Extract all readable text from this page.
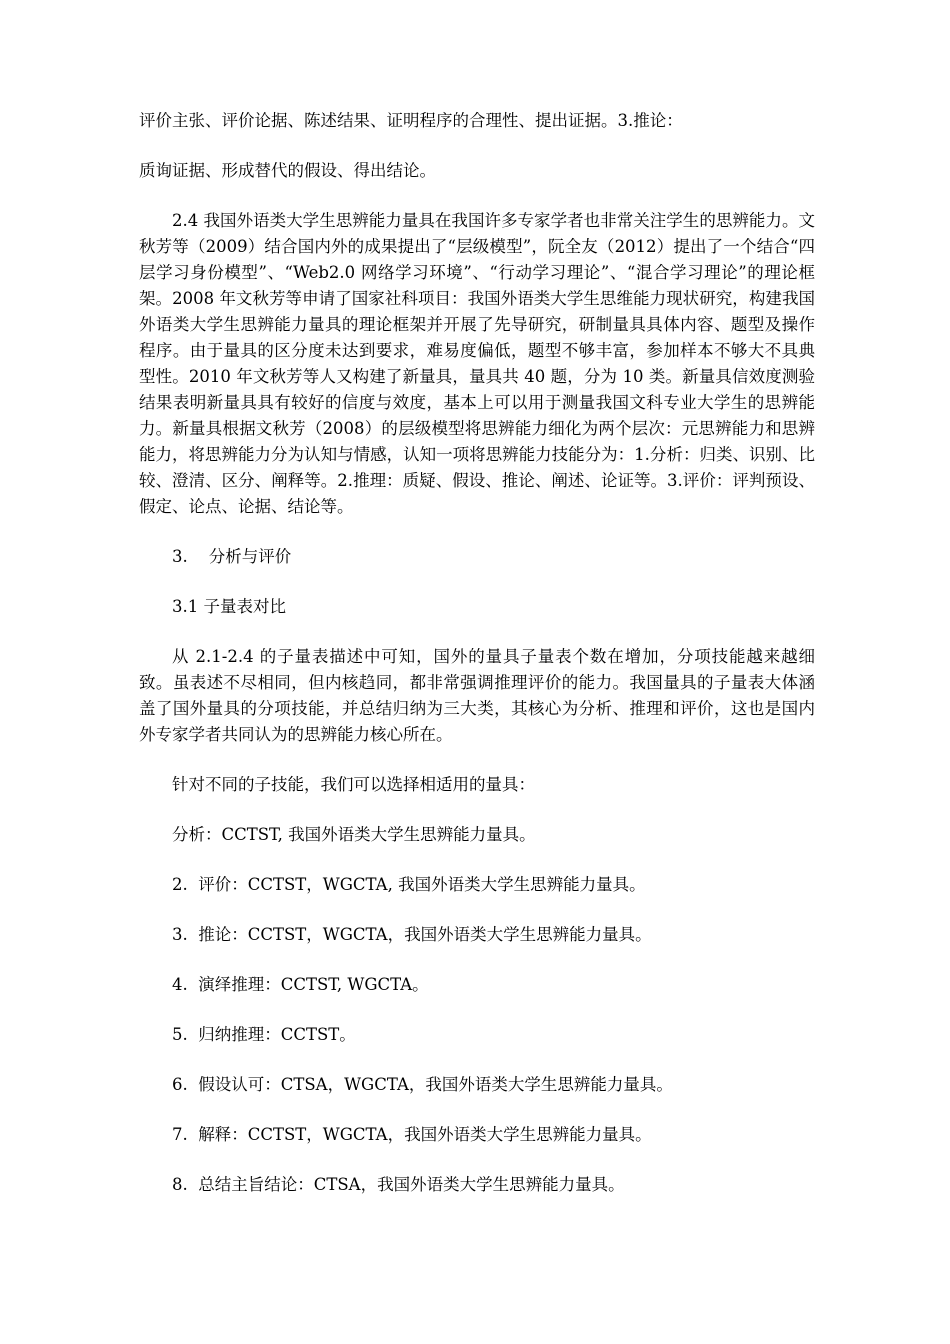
评价主张、评价论据、陈述结果、证明程序的合理性、提出证据。3.推论：

质询证据、形成替代的假设、得出结论。

2.4 我国外语类大学生思辨能力量具在我国许多专家学者也非常关注学生的思辨能力。文秋芳等（2009）结合国内外的成果提出了“层级模型”，阮全友（2012）提出了一个结合“四层学习身份模型”、“Web2.0 网络学习环境”、“行动学习理论”、“混合学习理论”的理论框架。2008 年文秋芳等申请了国家社科项目：我国外语类大学生思维能力现状研究，构建我国外语类大学生思辨能力量具的理论框架并开展了先导研究，研制量具具体内容、题型及操作程序。由于量具的区分度未达到要求，难易度偏低，题型不够丰富，参加样本不够大不具典型性。2010 年文秋芳等人又构建了新量具，量具共 40 题，分为 10 类。新量具信效度测验结果表明新量具具有较好的信度与效度，基本上可以用于测量我国文科专业大学生的思辨能力。新量具根据文秋芳（2008）的层级模型将思辨能力细化为两个层次：元思辨能力和思辨能力，将思辨能力分为认知与情感，认知一项将思辨能力技能分为：1.分析：归类、识别、比较、澄清、区分、阐释等。2.推理：质疑、假设、推论、阐述、论证等。3.评价：评判预设、假定、论点、论据、结论等。

3.    分析与评价

3.1 子量表对比

从 2.1-2.4 的子量表描述中可知，国外的量具子量表个数在增加，分项技能越来越细致。虽表述不尽相同，但内核趋同，都非常强调推理评价的能力。我国量具的子量表大体涵盖了国外量具的分项技能，并总结归纳为三大类，其核心为分析、推理和评价，这也是国内外专家学者共同认为的思辨能力核心所在。

针对不同的子技能，我们可以选择相适用的量具：

分析：CCTST, 我国外语类大学生思辨能力量具。

2.  评价：CCTST，WGCTA, 我国外语类大学生思辨能力量具。

3.  推论：CCTST，WGCTA，我国外语类大学生思辨能力量具。

4.  演绎推理：CCTST, WGCTA。

5.  归纳推理：CCTST。

6.  假设认可：CTSA，WGCTA，我国外语类大学生思辨能力量具。

7.  解释：CCTST，WGCTA，我国外语类大学生思辨能力量具。

8.  总结主旨结论：CTSA，我国外语类大学生思辨能力量具。
